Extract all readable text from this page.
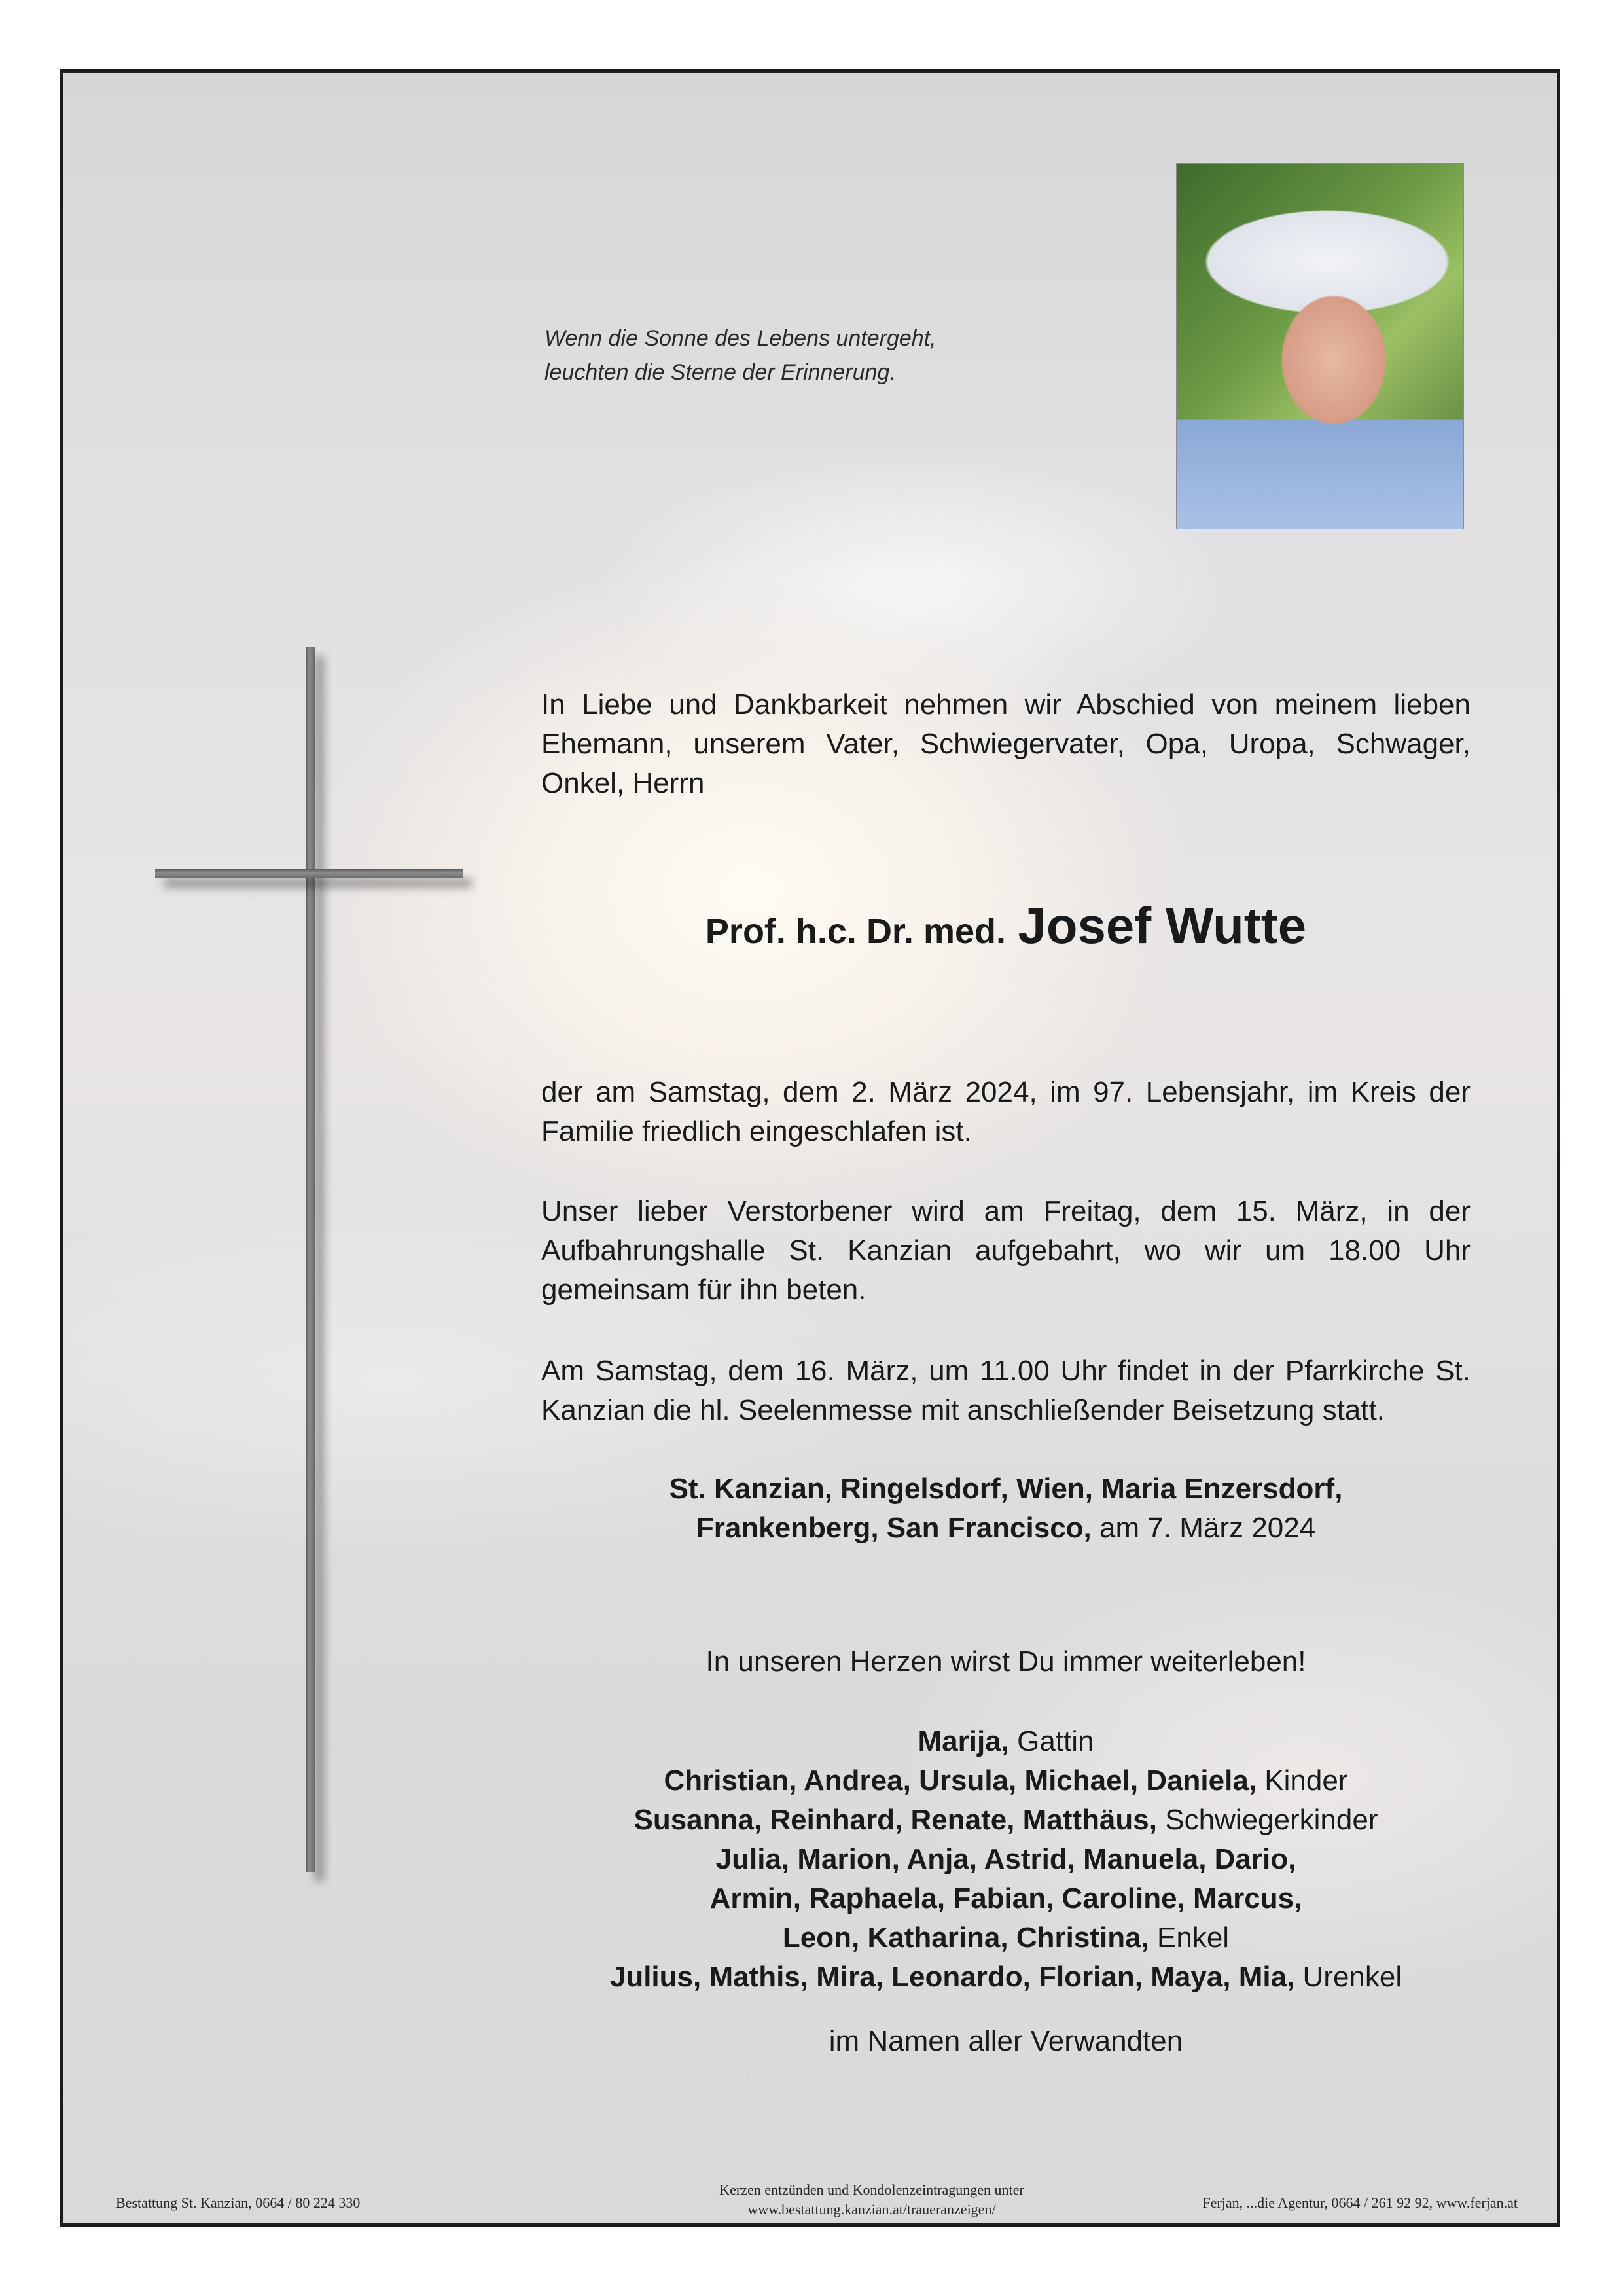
Wenn die Sonne des Lebens untergeht,
leuchten die Sterne der Erinnerung.
In Liebe und Dankbarkeit nehmen wir Abschied von meinem lieben Ehemann, unserem Vater, Schwiegervater, Opa, Uropa, Schwager, Onkel, Herrn
Prof. h.c. Dr. med. Josef Wutte
der am Samstag, dem 2. März 2024, im 97. Lebensjahr, im Kreis der Familie friedlich eingeschlafen ist.
Unser lieber Verstorbener wird am Freitag, dem 15. März, in der Aufbahrungshalle St. Kanzian aufgebahrt, wo wir um 18.00 Uhr gemeinsam für ihn beten.
Am Samstag, dem 16. März, um 11.00 Uhr findet in der Pfarrkirche St. Kanzian die hl. Seelenmesse mit anschließender Beisetzung statt.
St. Kanzian, Ringelsdorf, Wien, Maria Enzersdorf,
Frankenberg, San Francisco, am 7. März 2024
In unseren Herzen wirst Du immer weiterleben!
Marija, Gattin
Christian, Andrea, Ursula, Michael, Daniela, Kinder
Susanna, Reinhard, Renate, Matthäus, Schwiegerkinder
Julia, Marion, Anja, Astrid, Manuela, Dario,
Armin, Raphaela, Fabian, Caroline, Marcus,
Leon, Katharina, Christina, Enkel
Julius, Mathis, Mira, Leonardo, Florian, Maya, Mia, Urenkel
im Namen aller Verwandten
Bestattung St. Kanzian, 0664 / 80 224 330
Kerzen entzünden und Kondolenzeintragungen unter
www.bestattung.kanzian.at/traueranzeigen/	Ferjan, ...die Agentur, 0664 / 261 92 92, www.ferjan.at
